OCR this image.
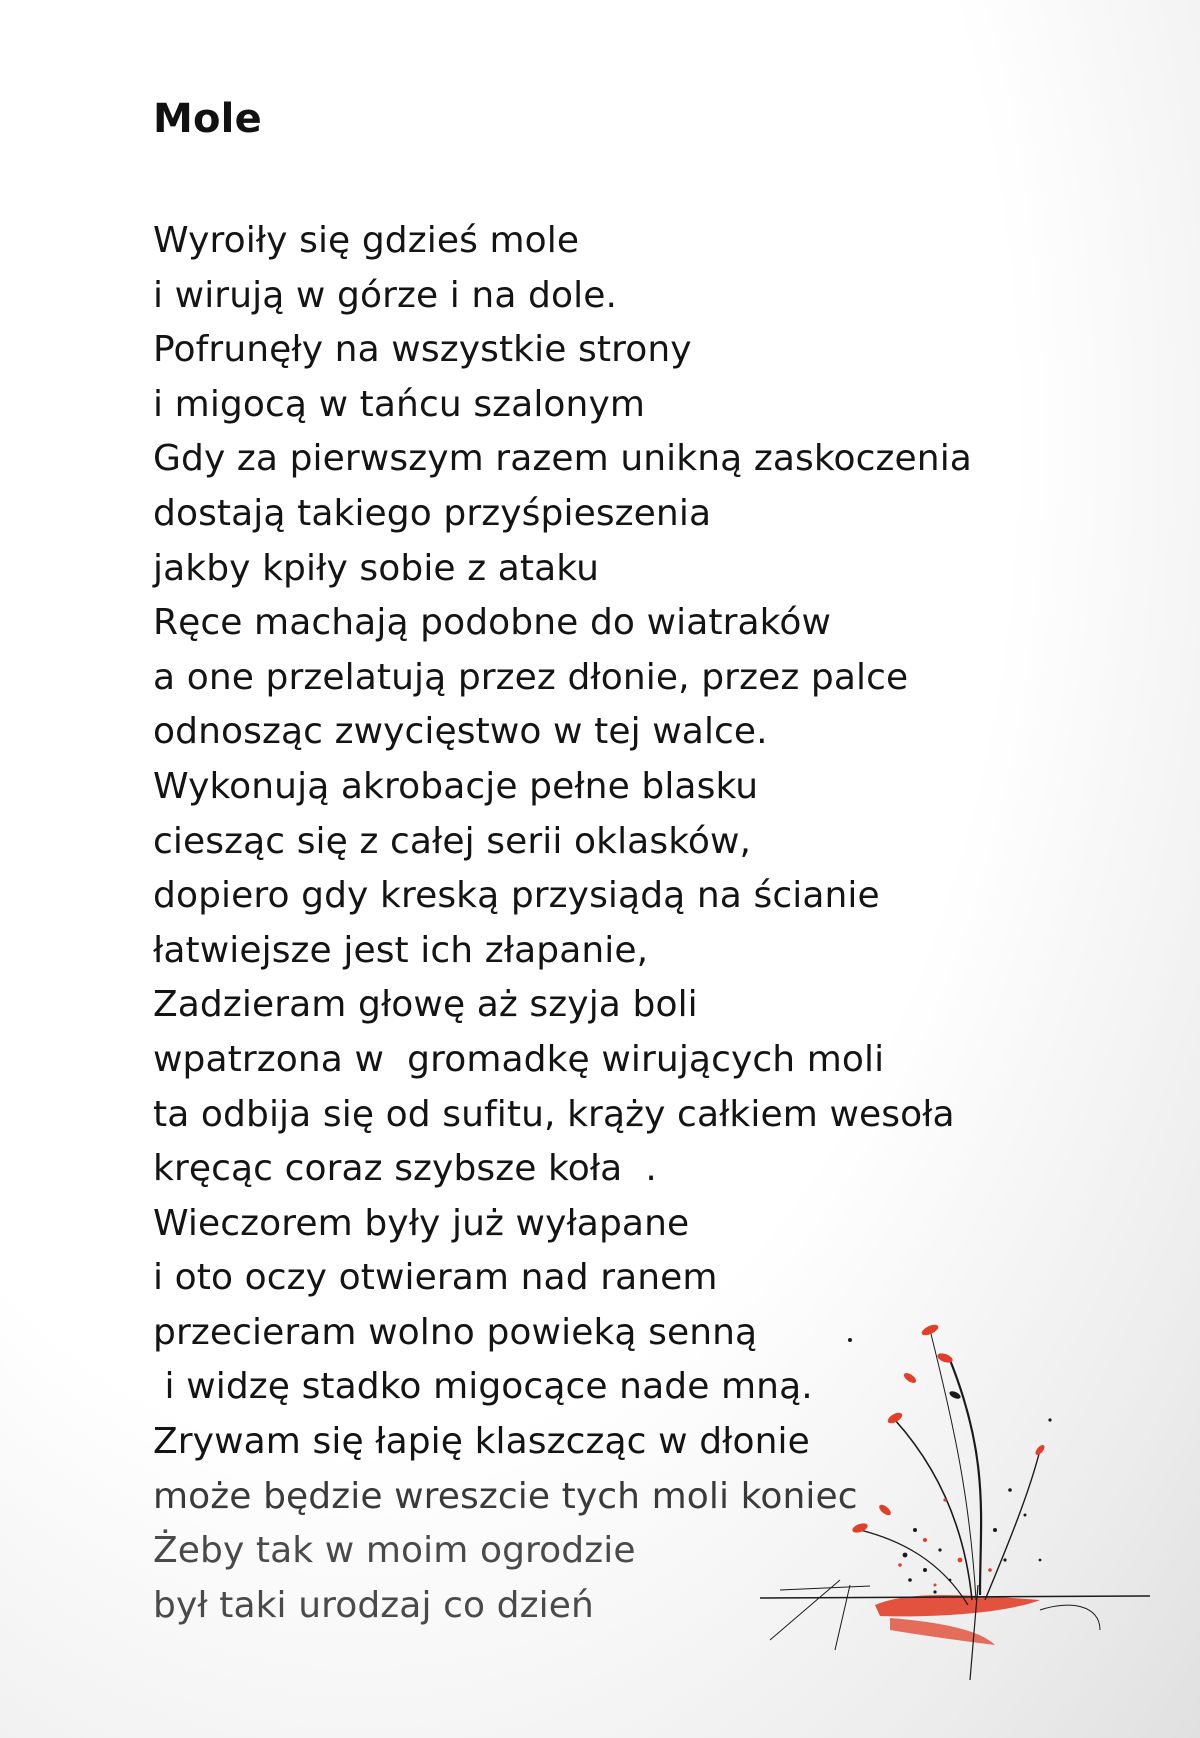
Mole
Wyroiły się gdzieś mole
i wirują w górze i na dole.
Pofrunęły na wszystkie strony
i migocą w tańcu szalonym
Gdy za pierwszym razem unikną zaskoczenia
dostają takiego przyśpieszenia
jakby kpiły sobie z ataku
Ręce machają podobne do wiatraków
a one przelatują przez dłonie, przez palce
odnosząc zwycięstwo w tej walce.
Wykonują akrobacje pełne blasku
ciesząc się z całej serii oklasków,
dopiero gdy kreską przysiądą na ścianie
łatwiejsze jest ich złapanie,
Zadzieram głowę aż szyja boli
wpatrzona w  gromadkę wirujących moli
ta odbija się od sufitu, krąży całkiem wesoła
kręcąc coraz szybsze koła  .
Wieczorem były już wyłapane
i oto oczy otwieram nad ranem
przecieram wolno powieką senną
i widzę stadko migocące nade mną.
Zrywam się łapię klaszcząc w dłonie
może będzie wreszcie tych moli koniec
Żeby tak w moim ogrodzie
był taki urodzaj co dzień
